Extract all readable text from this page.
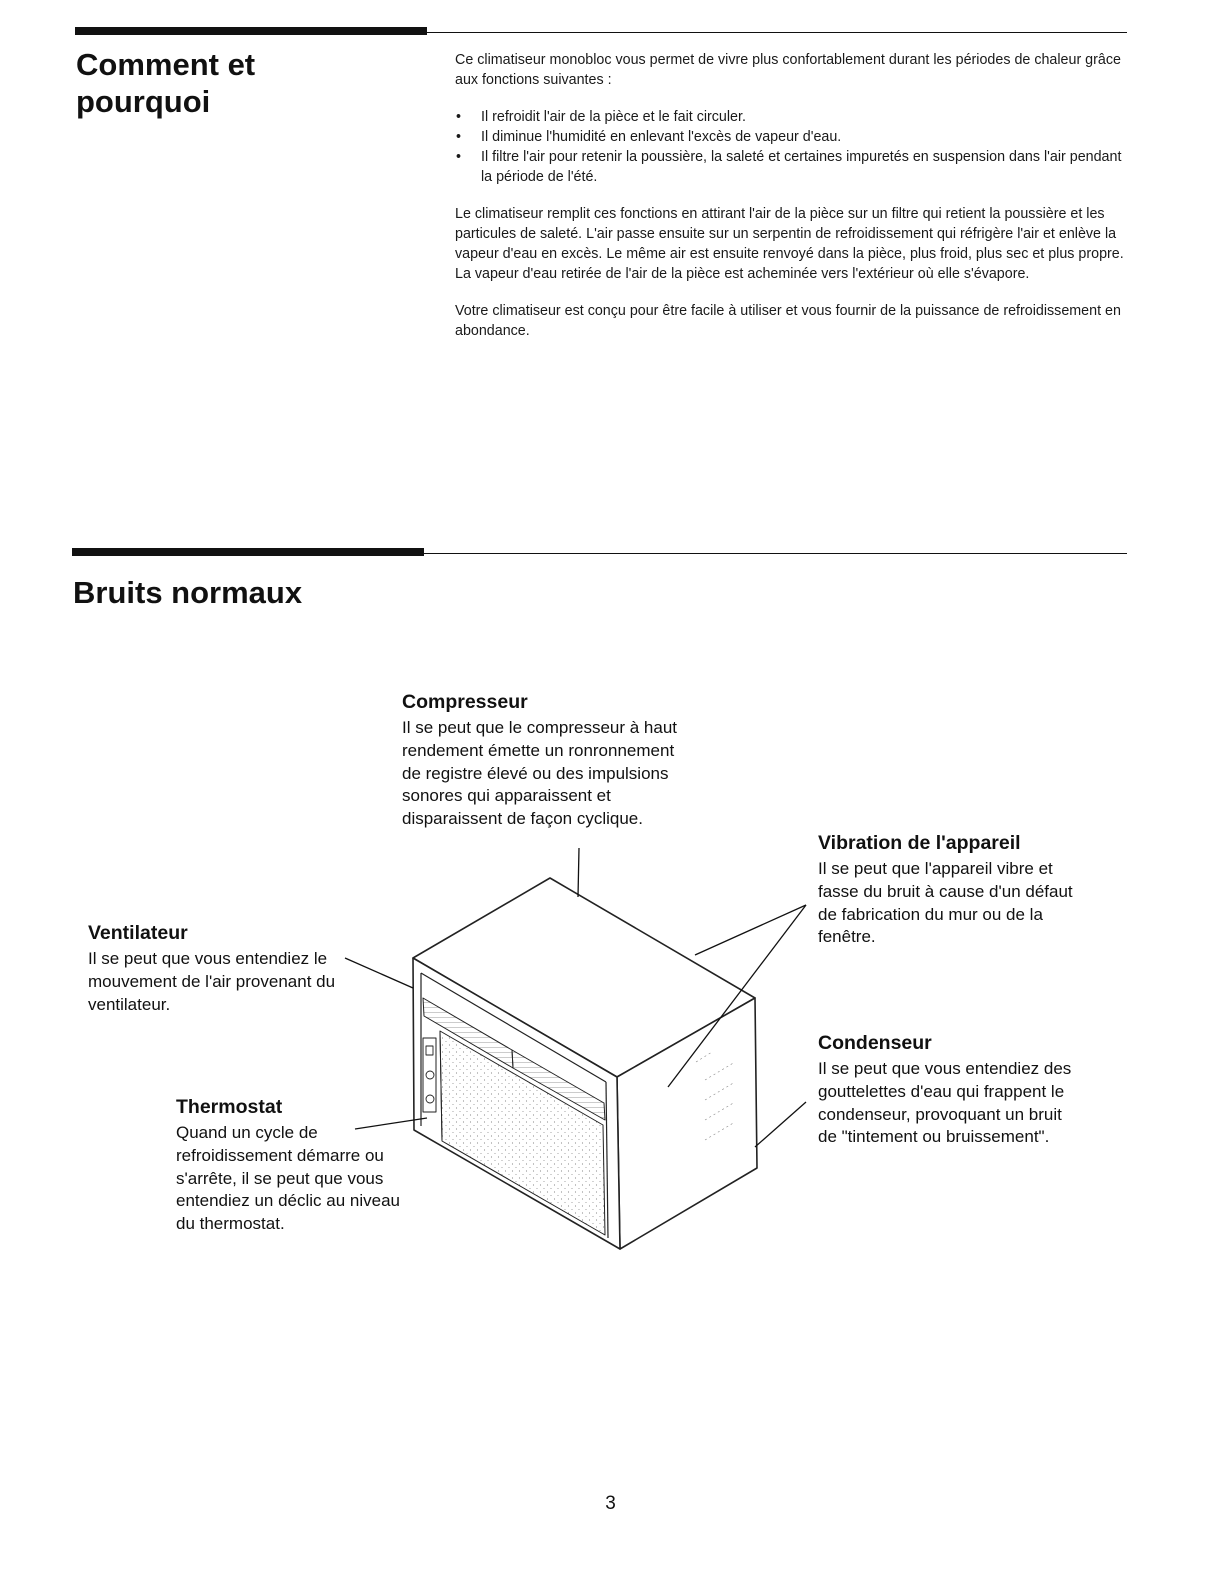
Comment et
pourquoi

Ce climatiseur monobloc vous permet de vivre plus confortablement durant les périodes de chaleur grâce aux fonctions suivantes :

• Il refroidit l'air de la pièce et le fait circuler.
• Il diminue l'humidité en enlevant l'excès de vapeur d'eau.
• Il filtre l'air pour retenir la poussière, la saleté et certaines impuretés en suspension dans l'air pendant la période de l'été.

Le climatiseur remplit ces fonctions en attirant l'air de la pièce sur un filtre qui retient la poussière et les particules de saleté. L'air passe ensuite sur un serpentin de refroidissement qui réfrigère l'air et enlève la vapeur d'eau en excès. Le même air est ensuite renvoyé dans la pièce, plus froid, plus sec et plus propre. La vapeur d'eau retirée de l'air de la pièce est acheminée vers l'extérieur où elle s'évapore.

Votre climatiseur est conçu pour être facile à utiliser et vous fournir de la puissance de refroidissement en abondance.

Bruits normaux
Compresseur

Il se peut que le compresseur à haut rendement émette un ronronnement de registre élevé ou des impulsions sonores qui apparaissent et disparaissent de façon cyclique.

Vibration de l'appareil

Il se peut que l'appareil vibre et fasse du bruit à cause d'un défaut de fabrication du mur ou de la fenêtre.

Ventilateur

Il se peut que vous entendiez le mouvement de l'air provenant du ventilateur.

Condenseur

Il se peut que vous entendiez des gouttelettes d'eau qui frappent le condenseur, provoquant un bruit de "tintement ou bruissement".

Thermostat

Quand un cycle de refroidissement démarre ou s'arrête, il se peut que vous entendiez un déclic au niveau du thermostat.

3
